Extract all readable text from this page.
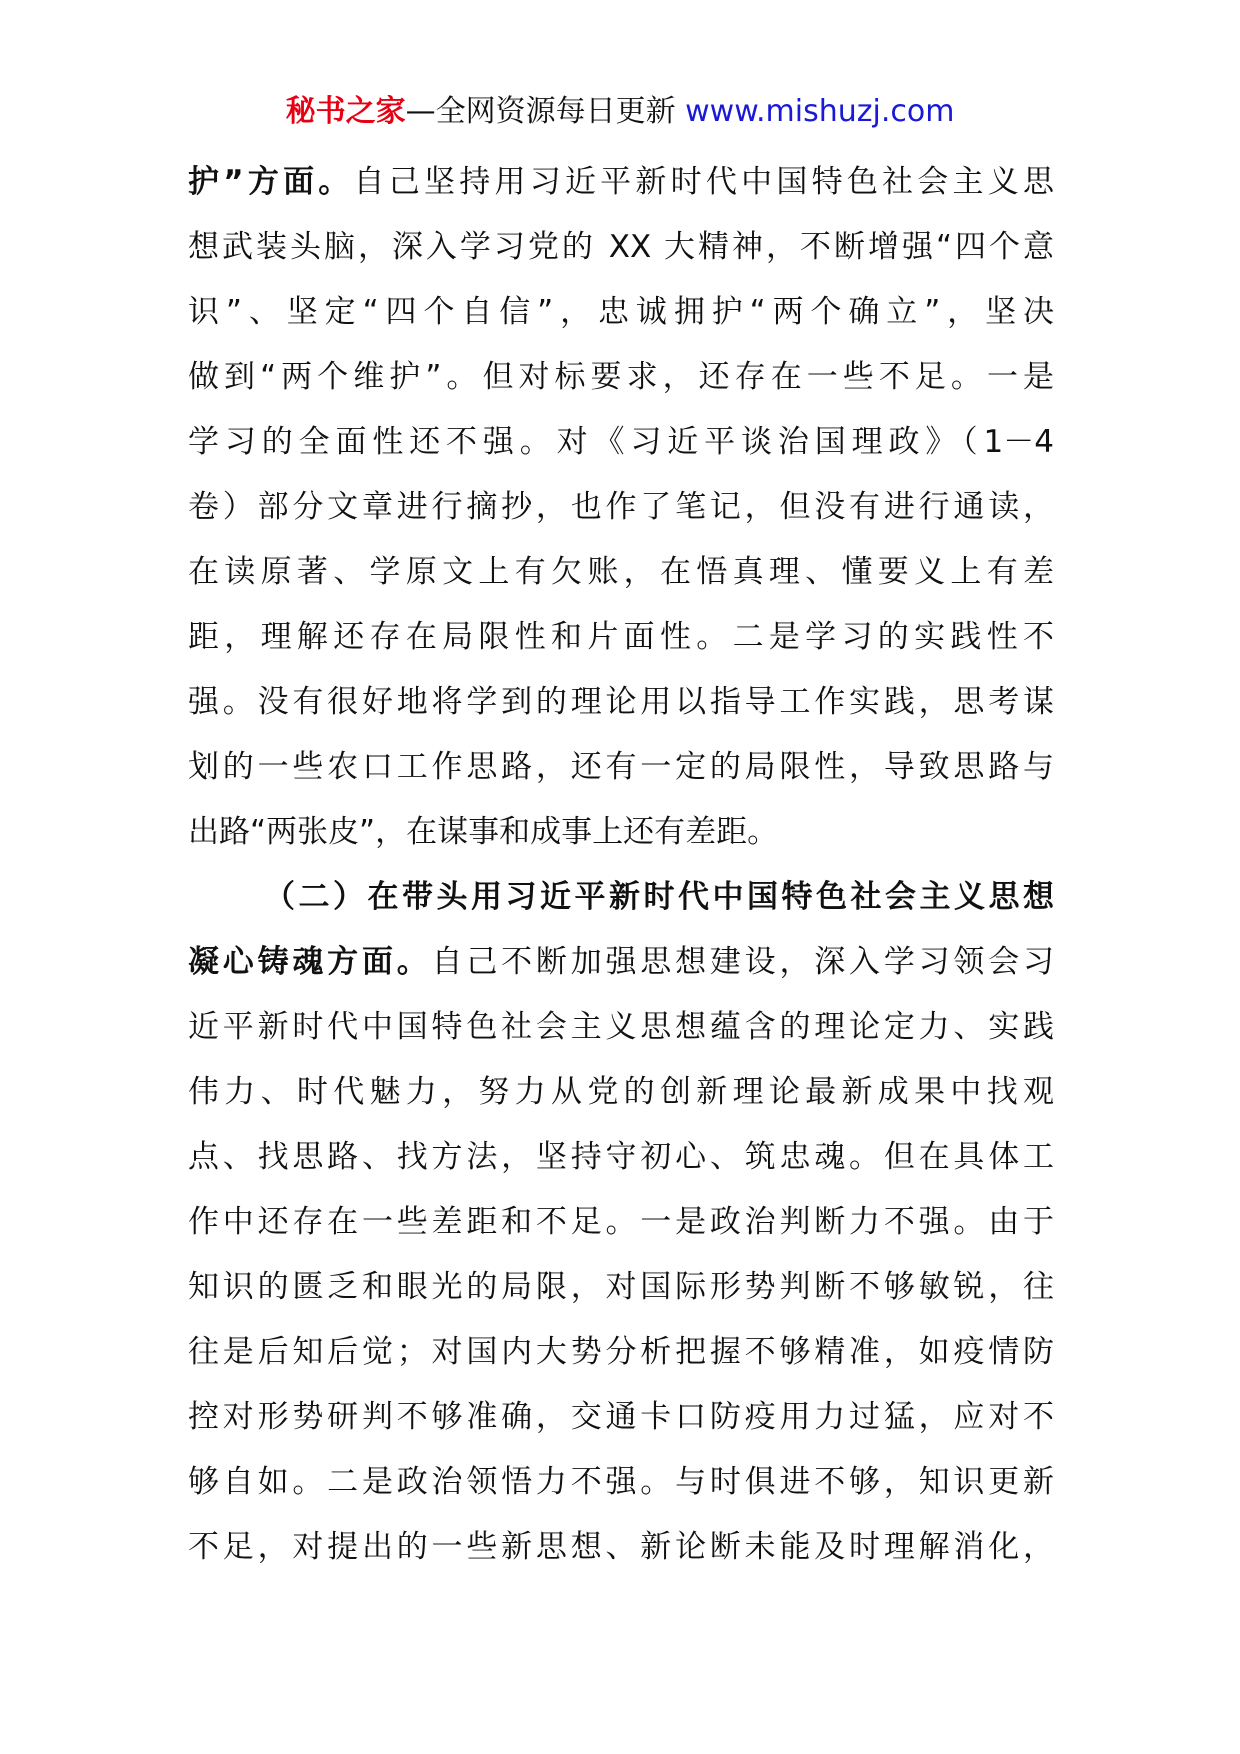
秘书之家—全网资源每日更新 www.mishuzj.com
护”方面。自己坚持用习近平新时代中国特色社会主义思
想武装头脑，深入学习党的 XX 大精神，不断增强“四个意
识”、坚定“四个自信”，忠诚拥护“两个确立”，坚决
做到“两个维护”。但对标要求，还存在一些不足。一是
学习的全面性还不强。对《习近平谈治国理政》（1－4
卷）部分文章进行摘抄，也作了笔记，但没有进行通读，
在读原著、学原文上有欠账，在悟真理、懂要义上有差
距，理解还存在局限性和片面性。二是学习的实践性不
强。没有很好地将学到的理论用以指导工作实践，思考谋
划的一些农口工作思路，还有一定的局限性，导致思路与
出路“两张皮”，在谋事和成事上还有差距。
（二）在带头用习近平新时代中国特色社会主义思想
凝心铸魂方面。自己不断加强思想建设，深入学习领会习
近平新时代中国特色社会主义思想蕴含的理论定力、实践
伟力、时代魅力，努力从党的创新理论最新成果中找观
点、找思路、找方法，坚持守初心、筑忠魂。但在具体工
作中还存在一些差距和不足。一是政治判断力不强。由于
知识的匮乏和眼光的局限，对国际形势判断不够敏锐，往
往是后知后觉；对国内大势分析把握不够精准，如疫情防
控对形势研判不够准确，交通卡口防疫用力过猛，应对不
够自如。二是政治领悟力不强。与时俱进不够，知识更新
不足，对提出的一些新思想、新论断未能及时理解消化，
